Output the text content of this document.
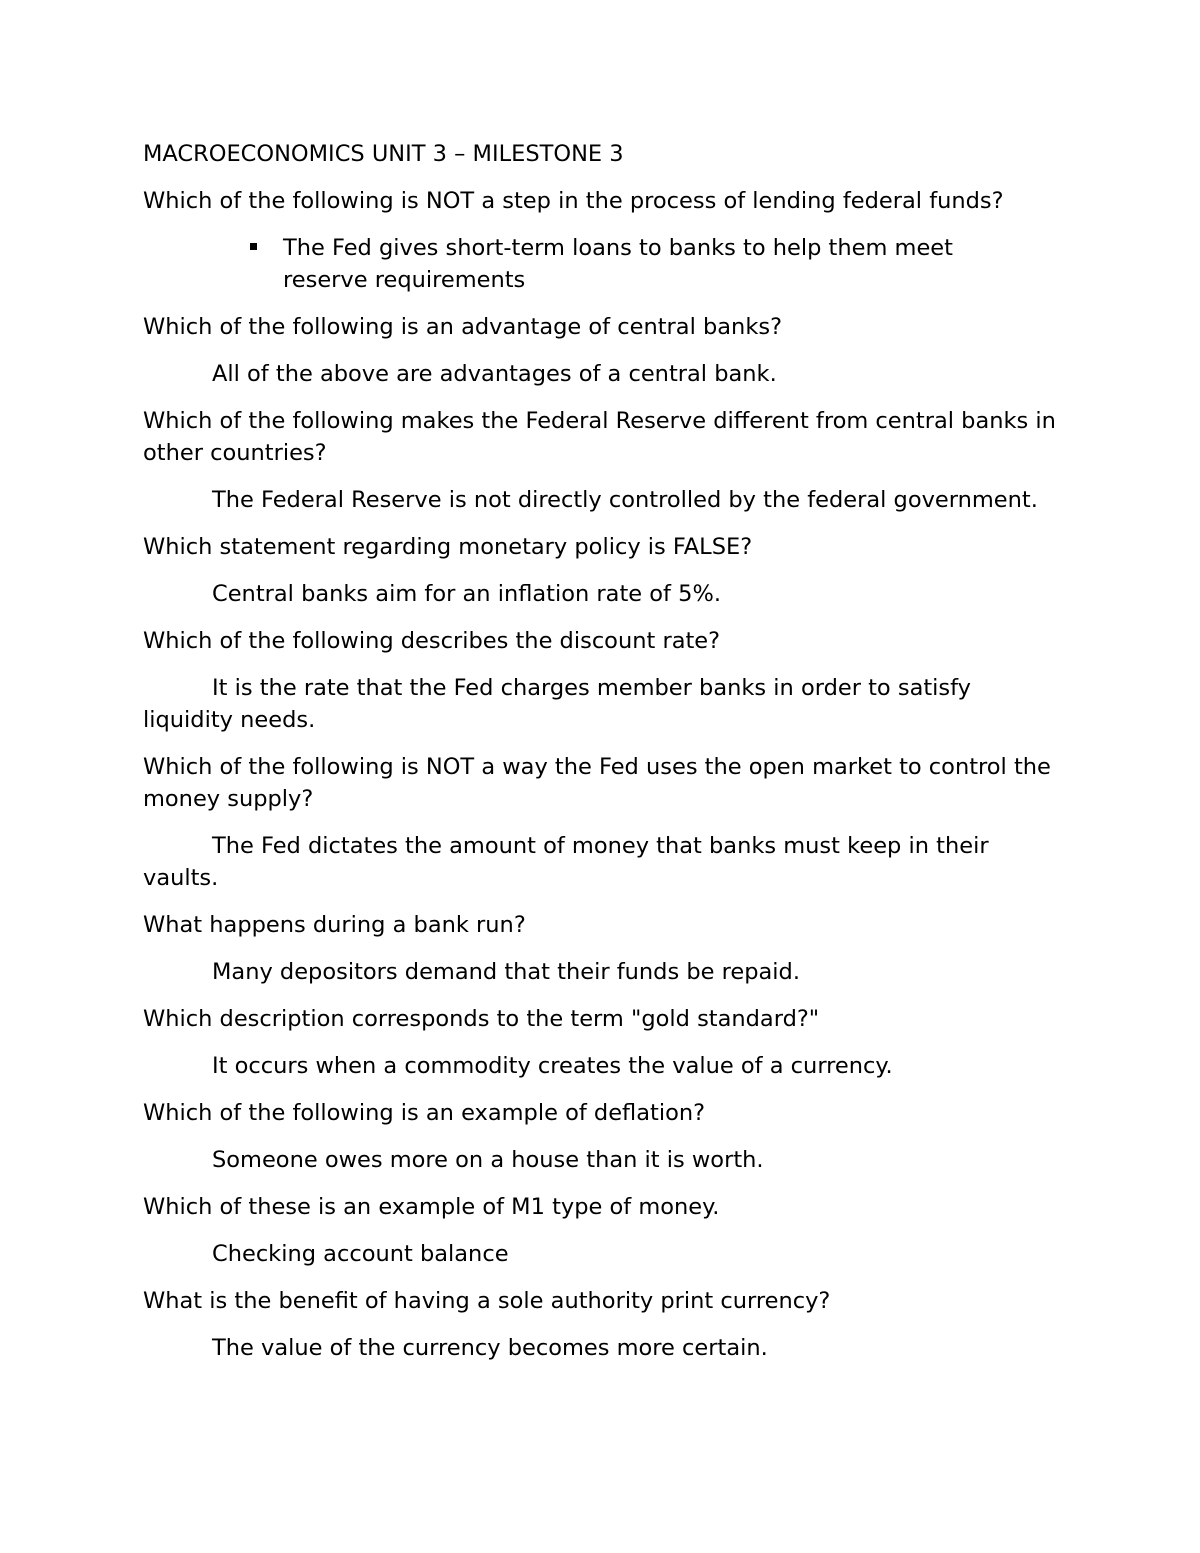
MACROECONOMICS UNIT 3 – MILESTONE 3

Which of the following is NOT a step in the process of lending federal funds?

The Fed gives short-term loans to banks to help them meet reserve requirements

Which of the following is an advantage of central banks?

All of the above are advantages of a central bank.

Which of the following makes the Federal Reserve different from central banks in other countries?

The Federal Reserve is not directly controlled by the federal government.

Which statement regarding monetary policy is FALSE?

Central banks aim for an inflation rate of 5%.

Which of the following describes the discount rate?

It is the rate that the Fed charges member banks in order to satisfy liquidity needs.

Which of the following is NOT a way the Fed uses the open market to control the money supply?

The Fed dictates the amount of money that banks must keep in their vaults.

What happens during a bank run?

Many depositors demand that their funds be repaid.

Which description corresponds to the term "gold standard?"

It occurs when a commodity creates the value of a currency.

Which of the following is an example of deflation?

Someone owes more on a house than it is worth.

Which of these is an example of M1 type of money.

Checking account balance

What is the benefit of having a sole authority print currency?

The value of the currency becomes more certain.
